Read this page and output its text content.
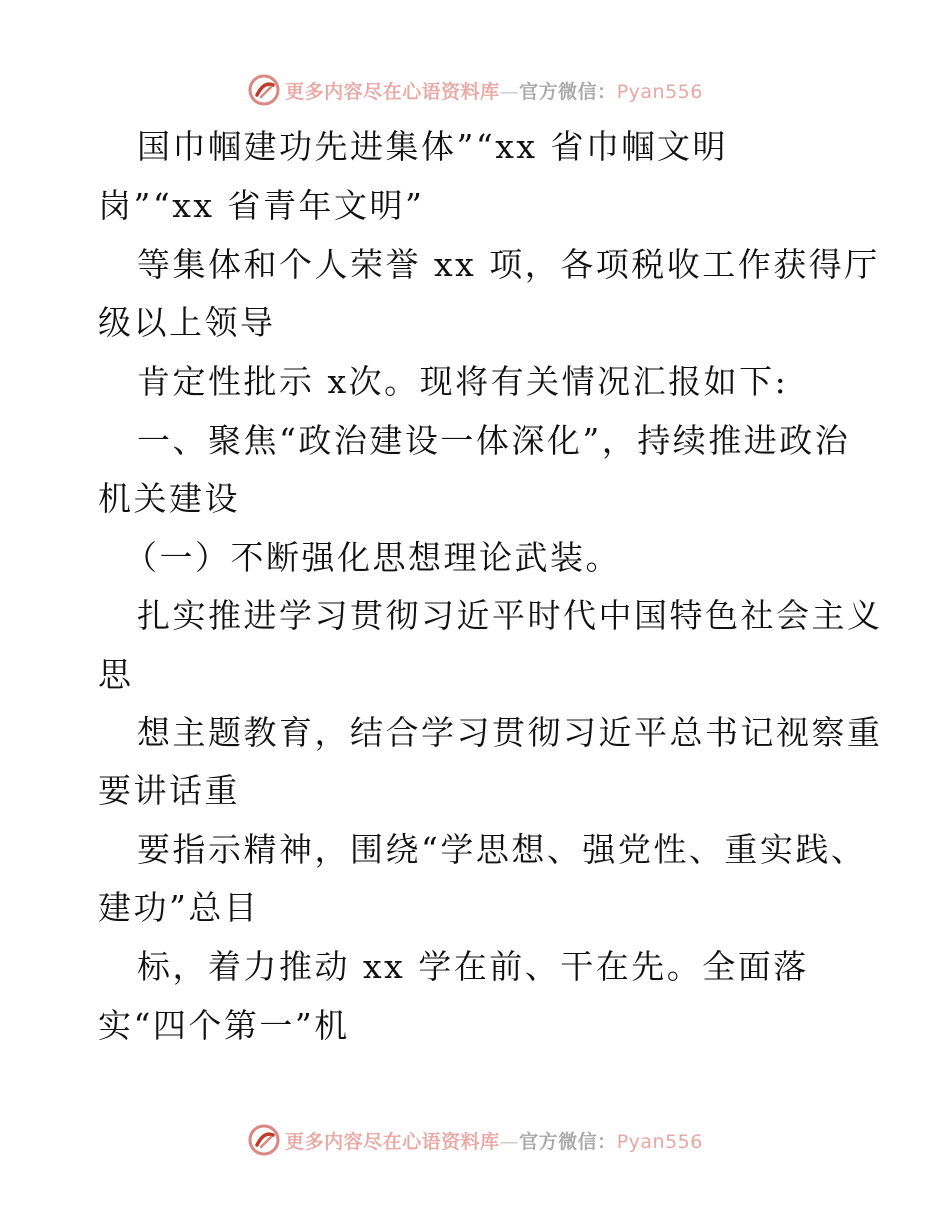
更多内容尽在心语资料库—官方微信：Pyan556
国巾帼建功先进集体”“xx 省巾帼文明
岗”“xx 省青年文明”
等集体和个人荣誉 xx 项，各项税收工作获得厅
级以上领导
肯定性批示 x次。现将有关情况汇报如下:
一、聚焦“政治建设一体深化”，持续推进政治
机关建设
（一）不断强化思想理论武装。
扎实推进学习贯彻习近平时代中国特色社会主义
思
想主题教育，结合学习贯彻习近平总书记视察重
要讲话重
要指示精神，围绕“学思想、强党性、重实践、
建功”总目
标，着力推动 xx 学在前、干在先。全面落
实“四个第一”机
更多内容尽在心语资料库—官方微信：Pyan556
